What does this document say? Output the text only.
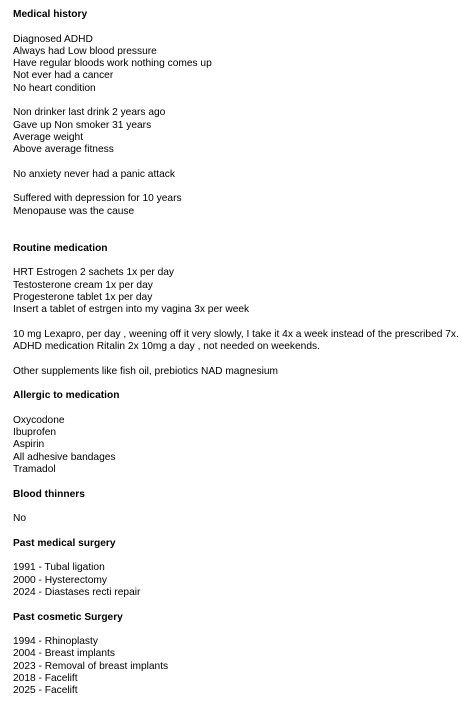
Medical history

Diagnosed ADHD

Always had Low blood pressure

Have regular bloods work nothing comes up

Not ever had a cancer

No heart condition

Non drinker last drink 2 years ago

Gave up Non smoker 31 years

Average weight

Above average fitness

No anxiety never had a panic attack

Suffered with depression for 10 years

Menopause was the cause

Routine medication

HRT Estrogen 2 sachets 1x per day

Testosterone cream 1x per day

Progesterone tablet 1x per day

Insert a tablet of estrgen into my vagina 3x per week

10 mg Lexapro, per day , weening off it very slowly, I take it 4x a week instead of the prescribed 7x.

ADHD medication Ritalin 2x 10mg a day , not needed on weekends.

Other supplements like fish oil, prebiotics NAD magnesium

Allergic to medication

Oxycodone

Ibuprofen

Aspirin

All adhesive bandages

Tramadol

Blood thinners

No

Past medical surgery

1991 - Tubal ligation

2000 - Hysterectomy

2024 - Diastases recti repair

Past cosmetic Surgery

1994 - Rhinoplasty

2004 - Breast implants

2023 - Removal of breast implants

2018 - Facelift

2025 - Facelift
